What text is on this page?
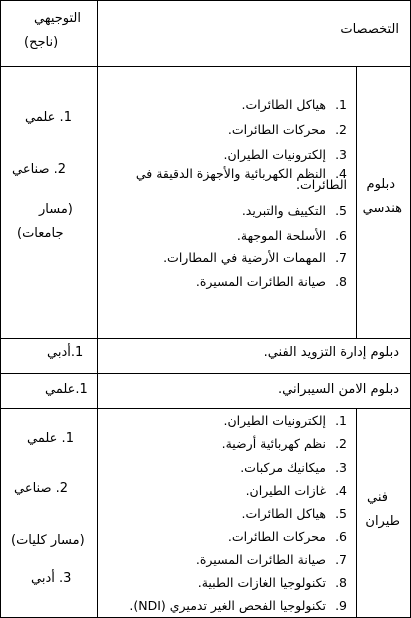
التخصصات
التوجيهي
(ناجح)
دبلوم
هندسي
1. هياكل الطائرات.
2. محركات الطائرات.
3. إلكترونيات الطيران.
4. النظم الكهربائية والأجهزة الدقيقة في الطائرات.
5. التكييف والتبريد.
6. الأسلحة الموجهة.
7. المهمات الأرضية في المطارات.
8. صيانة الطائرات المسيرة.
1. علمي
2. صناعي
(مسار
جامعات)
دبلوم إدارة التزويد الفني.
1.أدبي
دبلوم الامن السيبراني.
1.علمي
فني
طيران
1. إلكترونيات الطيران.
2. نظم كهربائية أرضية.
3. ميكانيك مركبات.
4. غازات الطيران.
5. هياكل الطائرات.
6. محركات الطائرات.
7. صيانة الطائرات المسيرة.
8. تكنولوجيا الغازات الطبية.
9. تكنولوجيا الفحص الغير تدميري (NDI).
1. علمي
2. صناعي
(مسار كليات)
3. أدبي
